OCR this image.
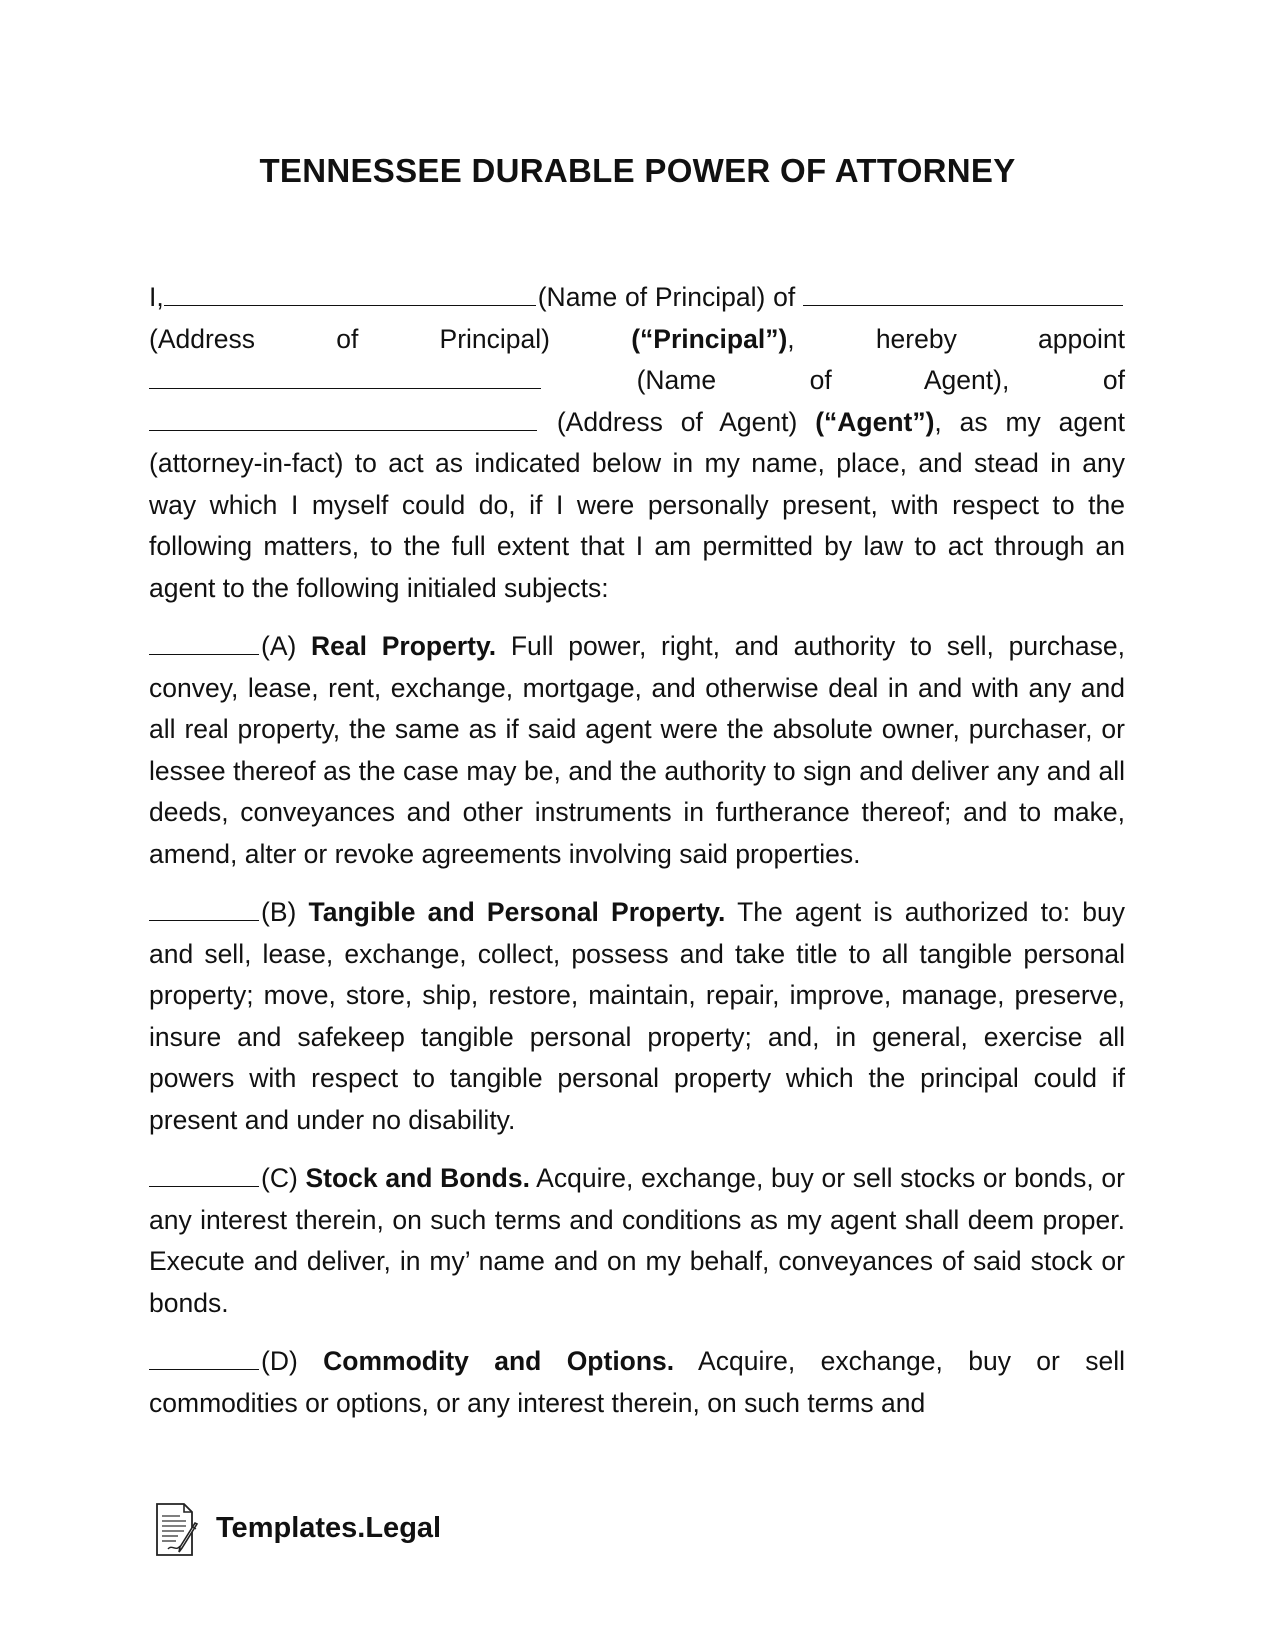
TENNESSEE DURABLE POWER OF ATTORNEY

I,	(Name of Principal) of  (Address of Principal)	(“Principal”), hereby appoint  (Name of Agent), of  (Address of Agent) (“Agent”), as my agent (attorney-in-fact) to act as indicated below in my name, place, and stead in any way which I myself could do, if I were personally present, with respect to the following matters, to the full extent that I am permitted by law to act through an agent to the following initialed subjects:

(A) Real Property. Full power, right, and authority to sell, purchase, convey, lease, rent, exchange, mortgage, and otherwise deal in and with any and all real property, the same as if said agent were the absolute owner, purchaser, or lessee thereof as the case may be, and the authority to sign and deliver any and all deeds, conveyances and other instruments in furtherance thereof; and to make, amend, alter or revoke agreements involving said properties.

(B) Tangible and Personal Property. The agent is authorized to: buy and sell, lease, exchange, collect, possess and take title to all tangible personal property; move, store, ship, restore, maintain, repair, improve, manage, preserve, insure and safekeep tangible personal property; and, in general, exercise all powers with respect to tangible personal property which the principal could if present and under no disability.

(C) Stock and Bonds. Acquire, exchange, buy or sell stocks or bonds, or any interest therein, on such terms and conditions as my agent shall deem proper. Execute and deliver, in my’ name and on my behalf, conveyances of said stock or bonds.

(D) Commodity and Options. Acquire, exchange, buy or sell commodities or options, or any interest therein, on such terms and

Templates.Legal
